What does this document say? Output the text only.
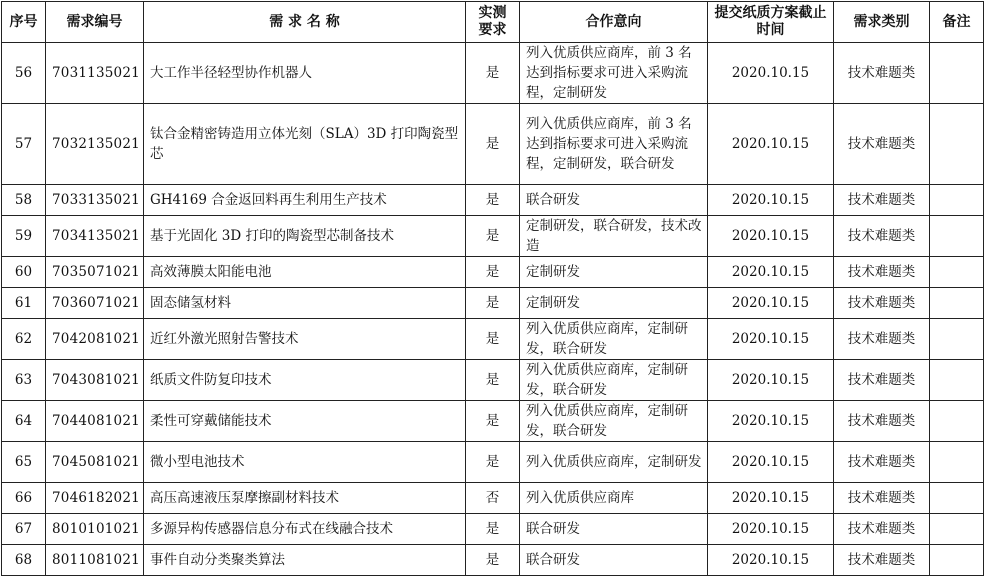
序号	需求编号	需 求 名 称	实测要求	合作意向	提交纸质方案截止时间	需求类别	备注
56	7031135021	大工作半径轻型协作机器人	是	列入优质供应商库，前 3 名达到指标要求可进入采购流程，定制研发	2020.10.15	技术难题类	
57	7032135021	钛合金精密铸造用立体光刻（SLA）3D 打印陶瓷型芯	是	列入优质供应商库，前 3 名达到指标要求可进入采购流程，定制研发，联合研发	2020.10.15	技术难题类	
58	7033135021	GH4169 合金返回料再生利用生产技术	是	联合研发	2020.10.15	技术难题类	
59	7034135021	基于光固化 3D 打印的陶瓷型芯制备技术	是	定制研发，联合研发，技术改造	2020.10.15	技术难题类	
60	7035071021	高效薄膜太阳能电池	是	定制研发	2020.10.15	技术难题类	
61	7036071021	固态储氢材料	是	定制研发	2020.10.15	技术难题类	
62	7042081021	近红外激光照射告警技术	是	列入优质供应商库，定制研发，联合研发	2020.10.15	技术难题类	
63	7043081021	纸质文件防复印技术	是	列入优质供应商库，定制研发，联合研发	2020.10.15	技术难题类	
64	7044081021	柔性可穿戴储能技术	是	列入优质供应商库，定制研发，联合研发	2020.10.15	技术难题类	
65	7045081021	微小型电池技术	是	列入优质供应商库，定制研发	2020.10.15	技术难题类	
66	7046182021	高压高速液压泵摩擦副材料技术	否	列入优质供应商库	2020.10.15	技术难题类	
67	8010101021	多源异构传感器信息分布式在线融合技术	是	联合研发	2020.10.15	技术难题类	
68	8011081021	事件自动分类聚类算法	是	联合研发	2020.10.15	技术难题类	
